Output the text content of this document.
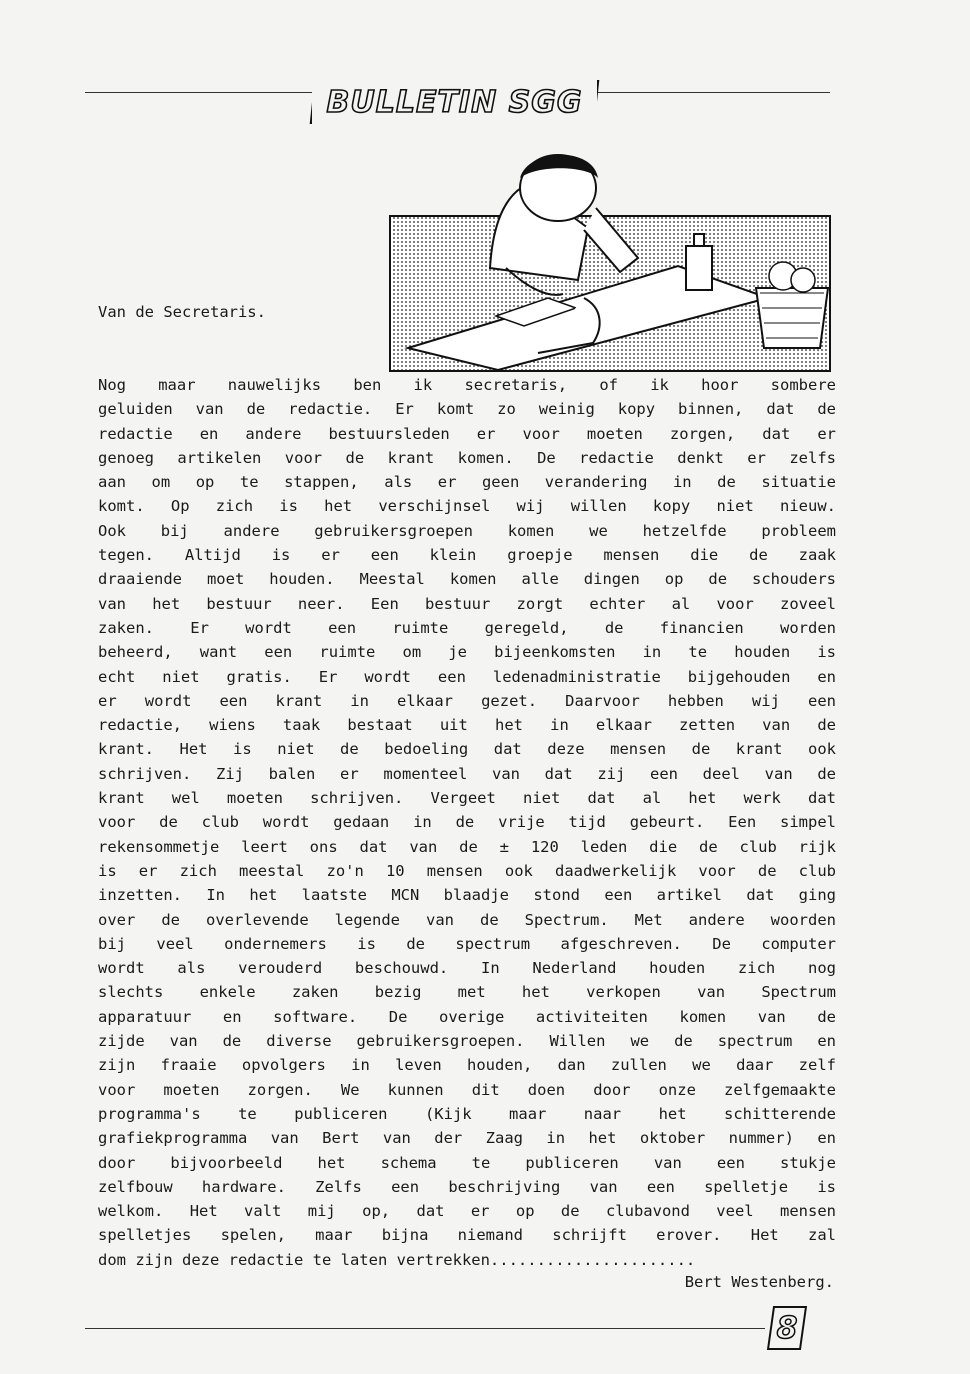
BULLETIN SGG
Van de Secretaris.
Nog maar nauwelijks ben ik secretaris, of ik hoor sombere
geluiden van de redactie. Er komt zo weinig kopy binnen, dat de
redactie en andere bestuursleden er voor moeten zorgen, dat er
genoeg artikelen voor de krant komen. De redactie denkt er zelfs
aan om op te stappen, als er geen verandering in de situatie
komt. Op zich is het verschijnsel wij willen kopy niet nieuw.
Ook bij andere gebruikersgroepen komen we hetzelfde probleem
tegen. Altijd is er een klein groepje mensen die de zaak
draaiende moet houden. Meestal komen alle dingen op de schouders
van het bestuur neer. Een bestuur zorgt echter al voor zoveel
zaken. Er wordt een ruimte geregeld, de financien worden
beheerd, want een ruimte om je bijeenkomsten in te houden is
echt niet gratis. Er wordt een ledenadministratie bijgehouden en
er wordt een krant in elkaar gezet. Daarvoor hebben wij een
redactie, wiens taak bestaat uit het in elkaar zetten van de
krant. Het is niet de bedoeling dat deze mensen de krant ook
schrijven. Zij balen er momenteel van dat zij een deel van de
krant wel moeten schrijven. Vergeet niet dat al het werk dat
voor de club wordt gedaan in de vrije tijd gebeurt. Een simpel
rekensommetje leert ons dat van de ± 120 leden die de club rijk
is er zich meestal zo'n 10 mensen ook daadwerkelijk voor de club
inzetten. In het laatste MCN blaadje stond een artikel dat ging
over de overlevende legende van de Spectrum. Met andere woorden
bij veel ondernemers is de spectrum afgeschreven. De computer
wordt als verouderd beschouwd. In Nederland houden zich nog
slechts enkele zaken bezig met het verkopen van Spectrum
apparatuur en software. De overige activiteiten komen van de
zijde van de diverse gebruikersgroepen. Willen we de spectrum en
zijn fraaie opvolgers in leven houden, dan zullen we daar zelf
voor moeten zorgen. We kunnen dit doen door onze zelfgemaakte
programma's te publiceren (Kijk maar naar het schitterende
grafiekprogramma van Bert van der Zaag in het oktober nummer) en
door bijvoorbeeld het schema te publiceren van een stukje
zelfbouw hardware. Zelfs een beschrijving van een spelletje is
welkom. Het valt mij op, dat er op de clubavond veel mensen
spelletjes spelen, maar bijna niemand schrijft erover. Het zal
dom zijn deze redactie te laten vertrekken......................
Bert Westenberg.
8
